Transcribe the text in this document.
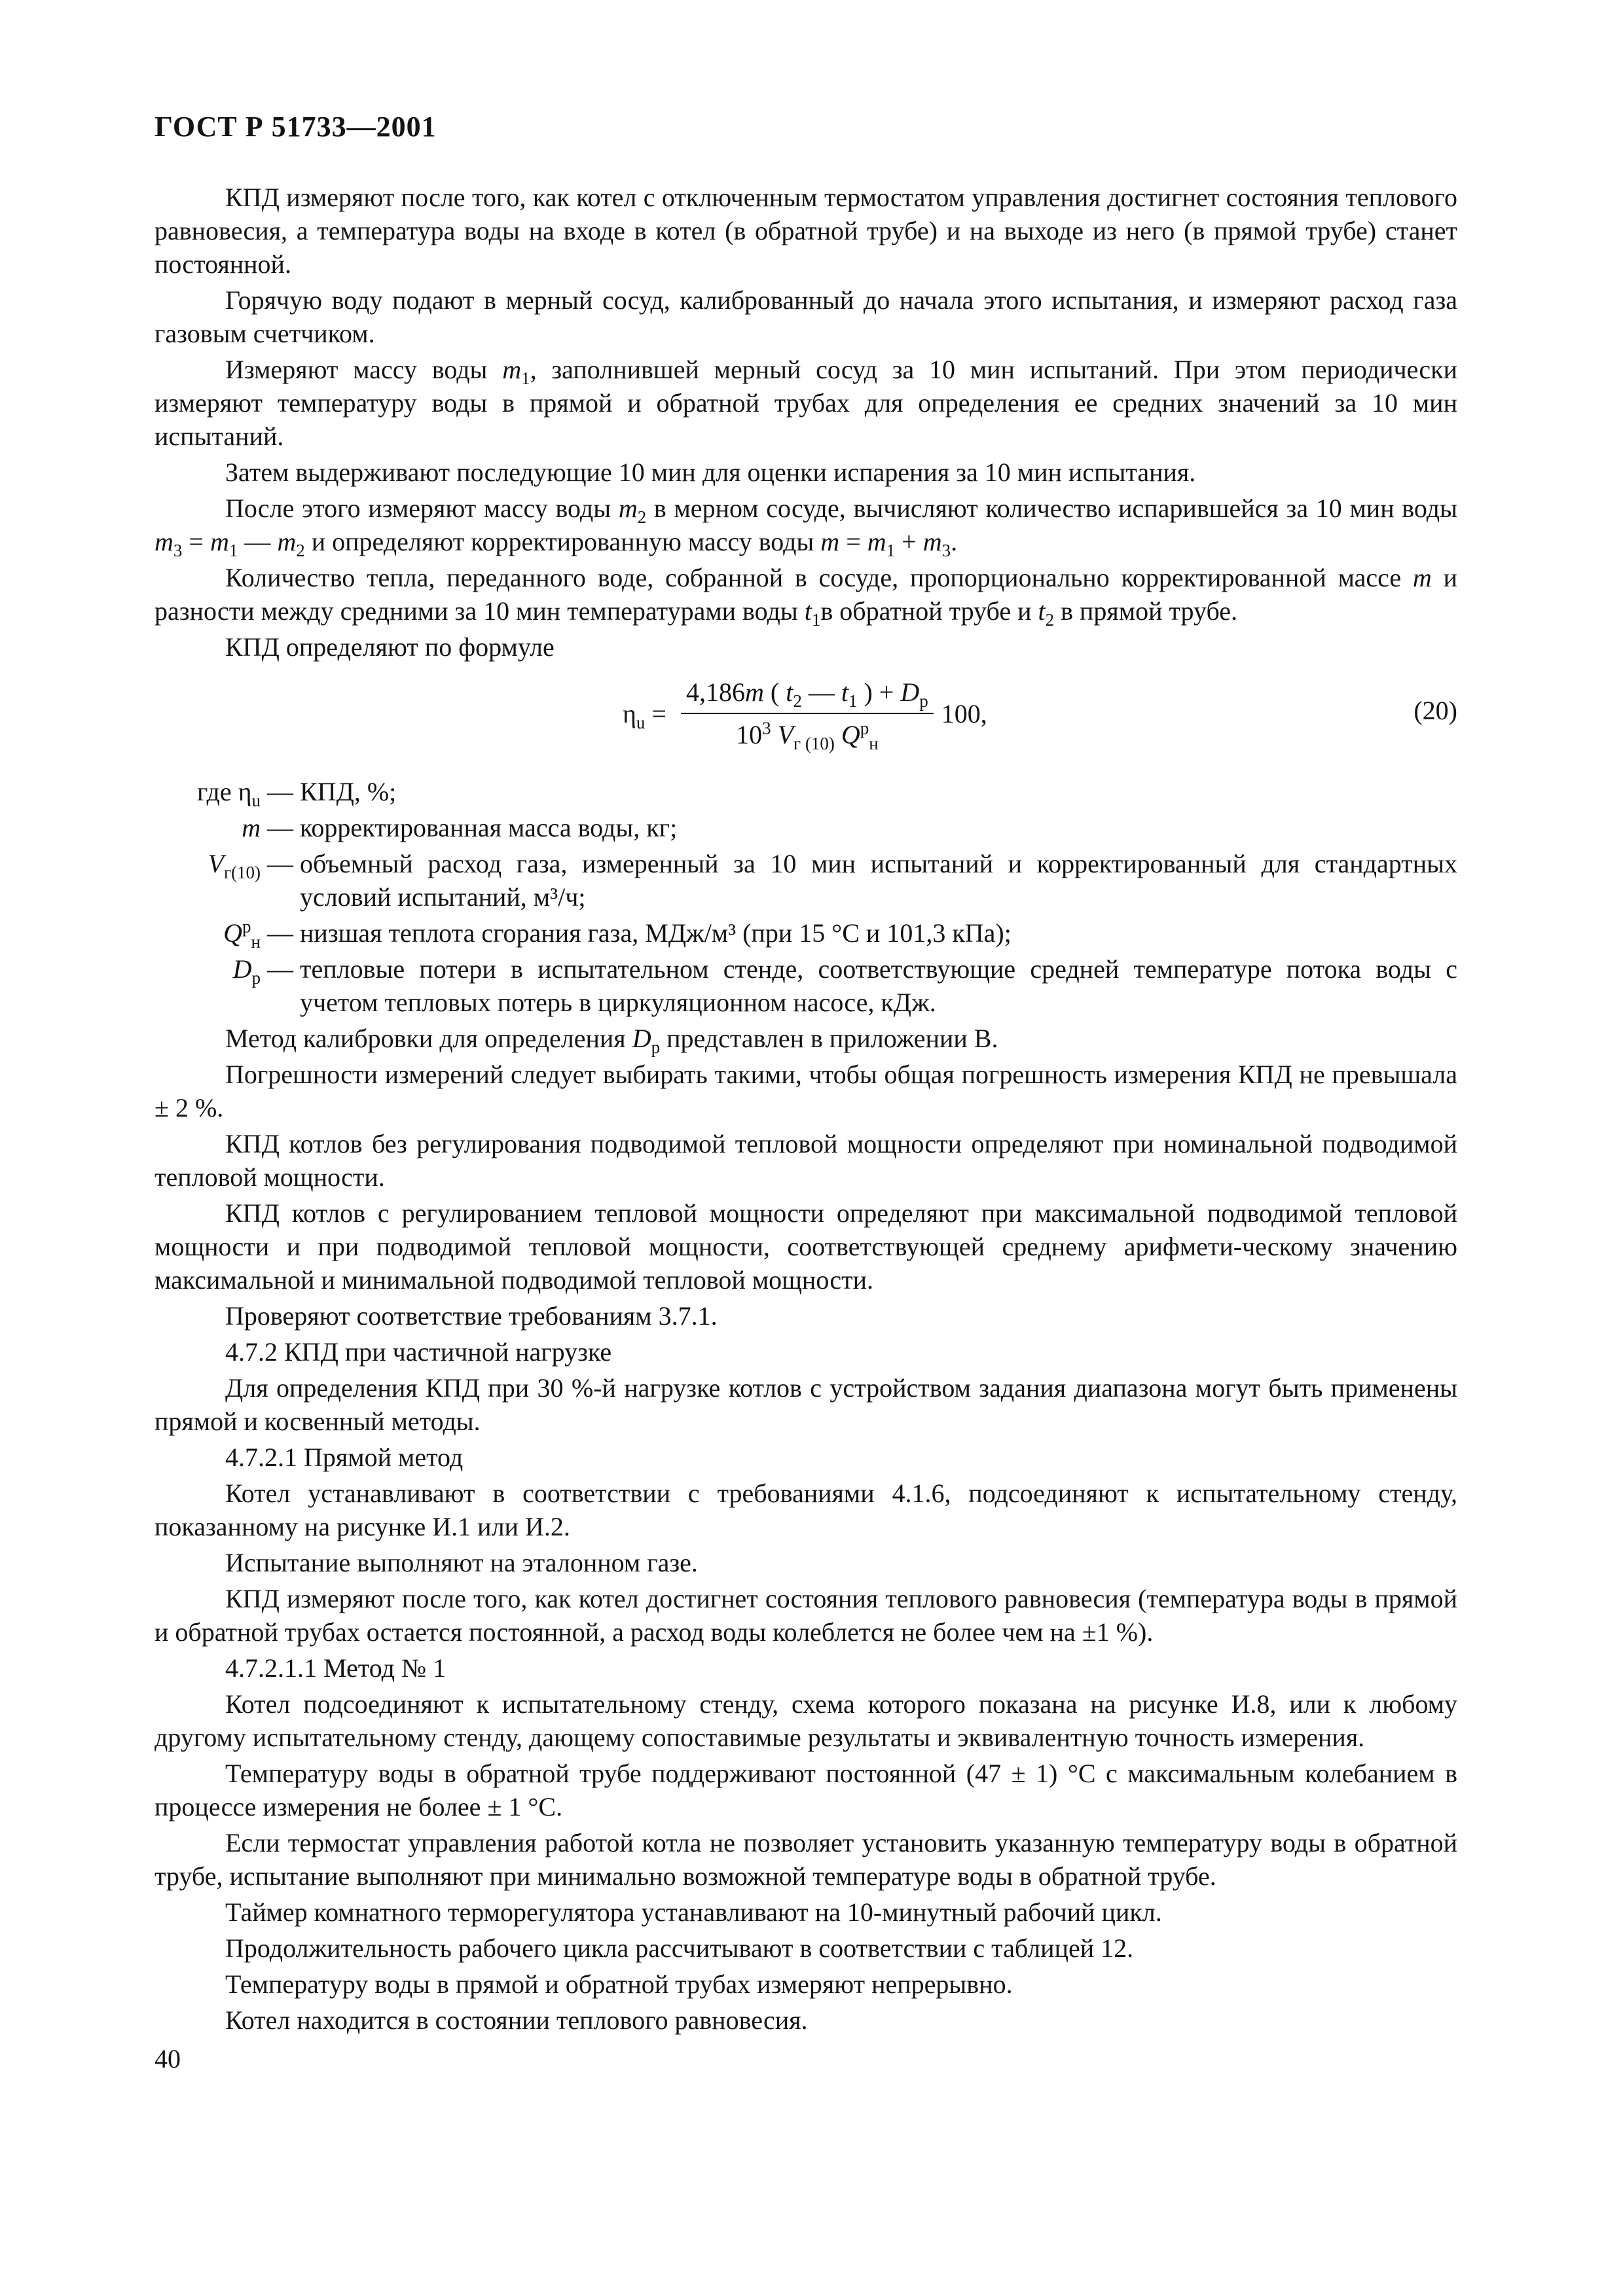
ГОСТ Р 51733—2001

КПД измеряют после того, как котел с отключенным термостатом управления достигнет состояния теплового равновесия, а температура воды на входе в котел (в обратной трубе) и на выходе из него (в прямой трубе) станет постоянной.

Горячую воду подают в мерный сосуд, калиброванный до начала этого испытания, и измеряют расход газа газовым счетчиком.

Измеряют массу воды $m_1$, заполнившей мерный сосуд за 10 мин испытаний. При этом периодически измеряют температуру воды в прямой и обратной трубах для определения ее средних значений за 10 мин испытаний.

Затем выдерживают последующие 10 мин для оценки испарения за 10 мин испытания.

После этого измеряют массу воды $m_2$ в мерном сосуде, вычисляют количество испарившейся за 10 мин воды $m_3 = m_1$ — $m_2$ и определяют корректированную массу воды $m = m_1 + m_3$.

Количество тепла, переданного воде, собранной в сосуде, пропорционально корректированной массе m и разности между средними за 10 мин температурами воды $t_1в$ обратной трубе и $t_2$ в прямой трубе.

КПД определяют по формуле

$\eta_u = \frac{4,186m ( t_2 — t_1 ) + D_р}{10^3 V_{г (10)} Q^р_н} 100$,	(20)
где $\eta_u$ — КПД, %;
m — корректированная масса воды, кг;
$V_{г(10)}$ — объемный расход газа, измеренный за 10 мин испытаний и корректированный для стандартных условий испытаний, м³/ч;
$Q^р_н$ — низшая теплота сгорания газа, МДж/м³ (при 15 °C и 101,3 кПа);
$D_р$ — тепловые потери в испытательном стенде, соответствующие средней температуре потока воды с учетом тепловых потерь в циркуляционном насосе, кДж.

Метод калибровки для определения $D_р$ представлен в приложении В.

Погрешности измерений следует выбирать такими, чтобы общая погрешность измерения КПД не превышала ± 2 %.

КПД котлов без регулирования подводимой тепловой мощности определяют при номинальной подводимой тепловой мощности.

КПД котлов с регулированием тепловой мощности определяют при максимальной подводимой тепловой мощности и при подводимой тепловой мощности, соответствующей среднему арифмети-ческому значению максимальной и минимальной подводимой тепловой мощности.

Проверяют соответствие требованиям 3.7.1.

4.7.2 КПД при частичной нагрузке

Для определения КПД при 30 %-й нагрузке котлов с устройством задания диапазона могут быть применены прямой и косвенный методы.

4.7.2.1 Прямой метод

Котел устанавливают в соответствии с требованиями 4.1.6, подсоединяют к испытательному стенду, показанному на рисунке И.1 или И.2.

Испытание выполняют на эталонном газе.

КПД измеряют после того, как котел достигнет состояния теплового равновесия (температура воды в прямой и обратной трубах остается постоянной, а расход воды колеблется не более чем на ±1 %).

4.7.2.1.1 Метод № 1

Котел подсоединяют к испытательному стенду, схема которого показана на рисунке И.8, или к любому другому испытательному стенду, дающему сопоставимые результаты и эквивалентную точность измерения.

Температуру воды в обратной трубе поддерживают постоянной (47 ± 1) °C с максимальным колебанием в процессе измерения не более ± 1 °C.

Если термостат управления работой котла не позволяет установить указанную температуру воды в обратной трубе, испытание выполняют при минимально возможной температуре воды в обратной трубе.

Таймер комнатного терморегулятора устанавливают на 10-минутный рабочий цикл.

Продолжительность рабочего цикла рассчитывают в соответствии с таблицей 12.

Температуру воды в прямой и обратной трубах измеряют непрерывно.

Котел находится в состоянии теплового равновесия.

40
